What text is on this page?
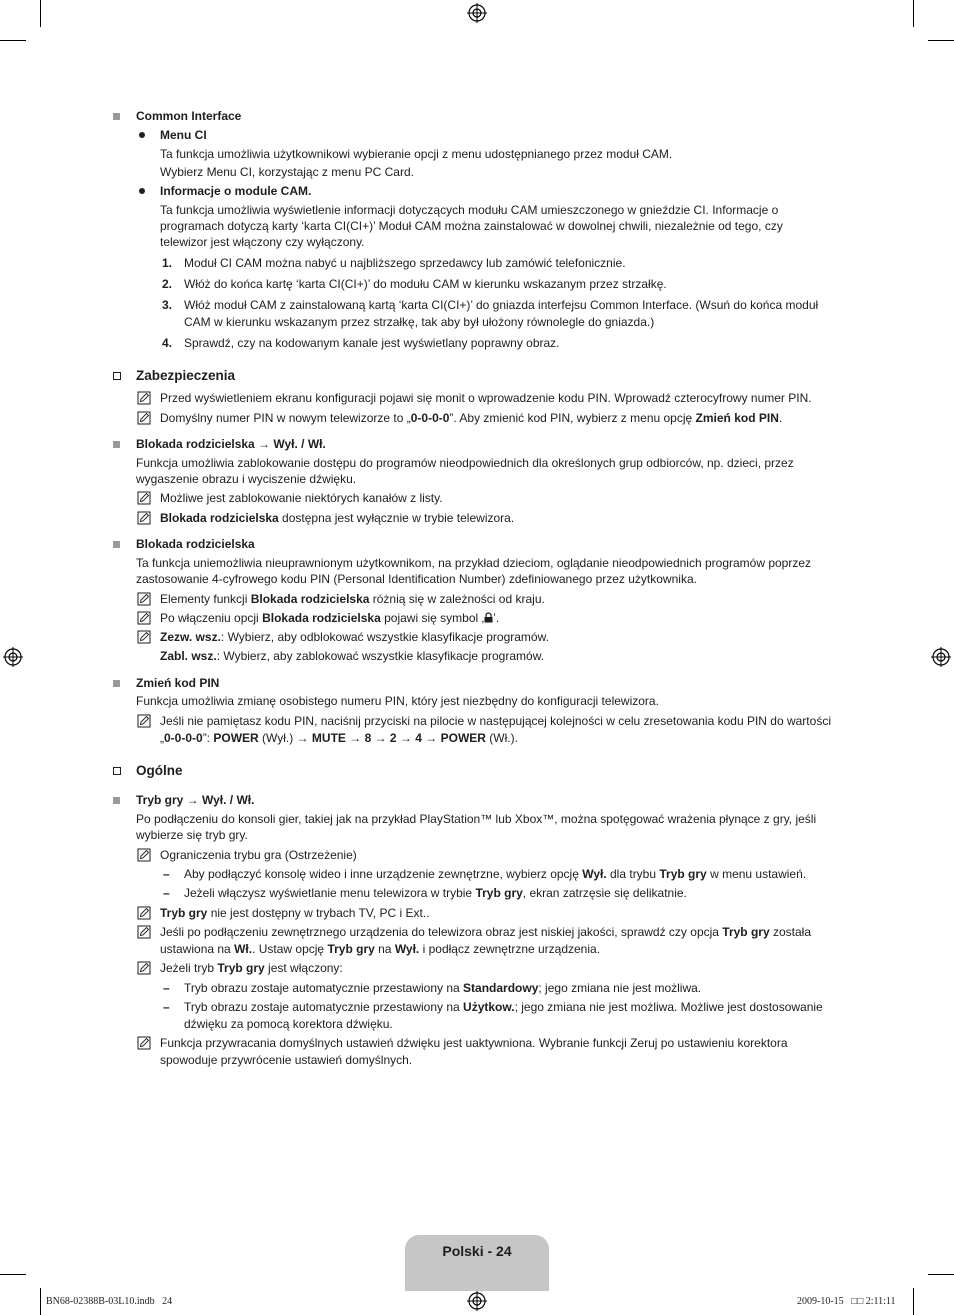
Common Interface
Menu CI
Ta funkcja umożliwia użytkownikowi wybieranie opcji z menu udostępnianego przez moduł CAM.
Wybierz Menu CI, korzystając z menu PC Card.
Informacje o module CAM.
Ta funkcja umożliwia wyświetlenie informacji dotyczących modułu CAM umieszczonego w gnieździe CI. Informacje o
programach dotyczą karty ‘karta CI(CI+)’ Moduł CAM można zainstalować w dowolnej chwili, niezależnie od tego, czy
telewizor jest włączony czy wyłączony.
1. Moduł CI CAM można nabyć u najbliższego sprzedawcy lub zamówić telefonicznie.
2. Włóż do końca kartę ‘karta CI(CI+)’ do modułu CAM w kierunku wskazanym przez strzałkę.
3. Włóż moduł CAM z zainstalowaną kartą ‘karta CI(CI+)’ do gniazda interfejsu Common Interface. (Wsuń do końca moduł
CAM w kierunku wskazanym przez strzałkę, tak aby był ułożony równolegle do gniazda.)
4. Sprawdź, czy na kodowanym kanale jest wyświetlany poprawny obraz.
Zabezpieczenia
Przed wyświetleniem ekranu konfiguracji pojawi się monit o wprowadzenie kodu PIN. Wprowadź czterocyfrowy numer PIN.
Domyślny numer PIN w nowym telewizorze to „0-0-0-0”. Aby zmienić kod PIN, wybierz z menu opcję Zmień kod PIN.
Blokada rodzicielska → Wył. / Wł.
Funkcja umożliwia zablokowanie dostępu do programów nieodpowiednich dla określonych grup odbiorców, np. dzieci, przez
wygaszenie obrazu i wyciszenie dźwięku.
Możliwe jest zablokowanie niektórych kanałów z listy.
Blokada rodzicielska dostępna jest wyłącznie w trybie telewizora.
Blokada rodzicielska
Ta funkcja uniemożliwia nieuprawnionym użytkownikom, na przykład dzieciom, oglądanie nieodpowiednich programów poprzez
zastosowanie 4-cyfrowego kodu PIN (Personal Identification Number) zdefiniowanego przez użytkownika.
Elementy funkcji Blokada rodzicielska różnią się w zależności od kraju.
Po włączeniu opcji Blokada rodzicielska pojawi się symbol ‚ ’.
Zezw. wsz.: Wybierz, aby odblokować wszystkie klasyfikacje programów.
Zabl. wsz.: Wybierz, aby zablokować wszystkie klasyfikacje programów.
Zmień kod PIN
Funkcja umożliwia zmianę osobistego numeru PIN, który jest niezbędny do konfiguracji telewizora.
Jeśli nie pamiętasz kodu PIN, naciśnij przyciski na pilocie w następującej kolejności w celu zresetowania kodu PIN do wartości
„0-0-0-0”: POWER (Wył.) → MUTE → 8 → 2 → 4 → POWER (Wł.).
Ogólne
Tryb gry → Wył. / Wł.
Po podłączeniu do konsoli gier, takiej jak na przykład PlayStation™ lub Xbox™, można spotęgować wrażenia płynące z gry, jeśli
wybierze się tryb gry.
Ograniczenia trybu gra (Ostrzeżenie)
– Aby podłączyć konsolę wideo i inne urządzenie zewnętrzne, wybierz opcję Wył. dla trybu Tryb gry w menu ustawień.
– Jeżeli włączysz wyświetlanie menu telewizora w trybie Tryb gry, ekran zatrzęsie się delikatnie.
Tryb gry nie jest dostępny w trybach TV, PC i Ext..
Jeśli po podłączeniu zewnętrznego urządzenia do telewizora obraz jest niskiej jakości, sprawdź czy opcja Tryb gry została
ustawiona na Wł.. Ustaw opcję Tryb gry na Wył. i podłącz zewnętrzne urządzenia.
Jeżeli tryb Tryb gry jest włączony:
– Tryb obrazu zostaje automatycznie przestawiony na Standardowy; jego zmiana nie jest możliwa.
– Tryb obrazu zostaje automatycznie przestawiony na Użytkow.; jego zmiana nie jest możliwa. Możliwe jest dostosowanie
dźwięku za pomocą korektora dźwięku.
Funkcja przywracania domyślnych ustawień dźwięku jest uaktywniona. Wybranie funkcji Zeruj po ustawieniu korektora
spowoduje przywrócenie ustawień domyślnych.
Polski - 24
BN68-02388B-03L10.indb   24	2009-10-15   □□ 2:11:11
